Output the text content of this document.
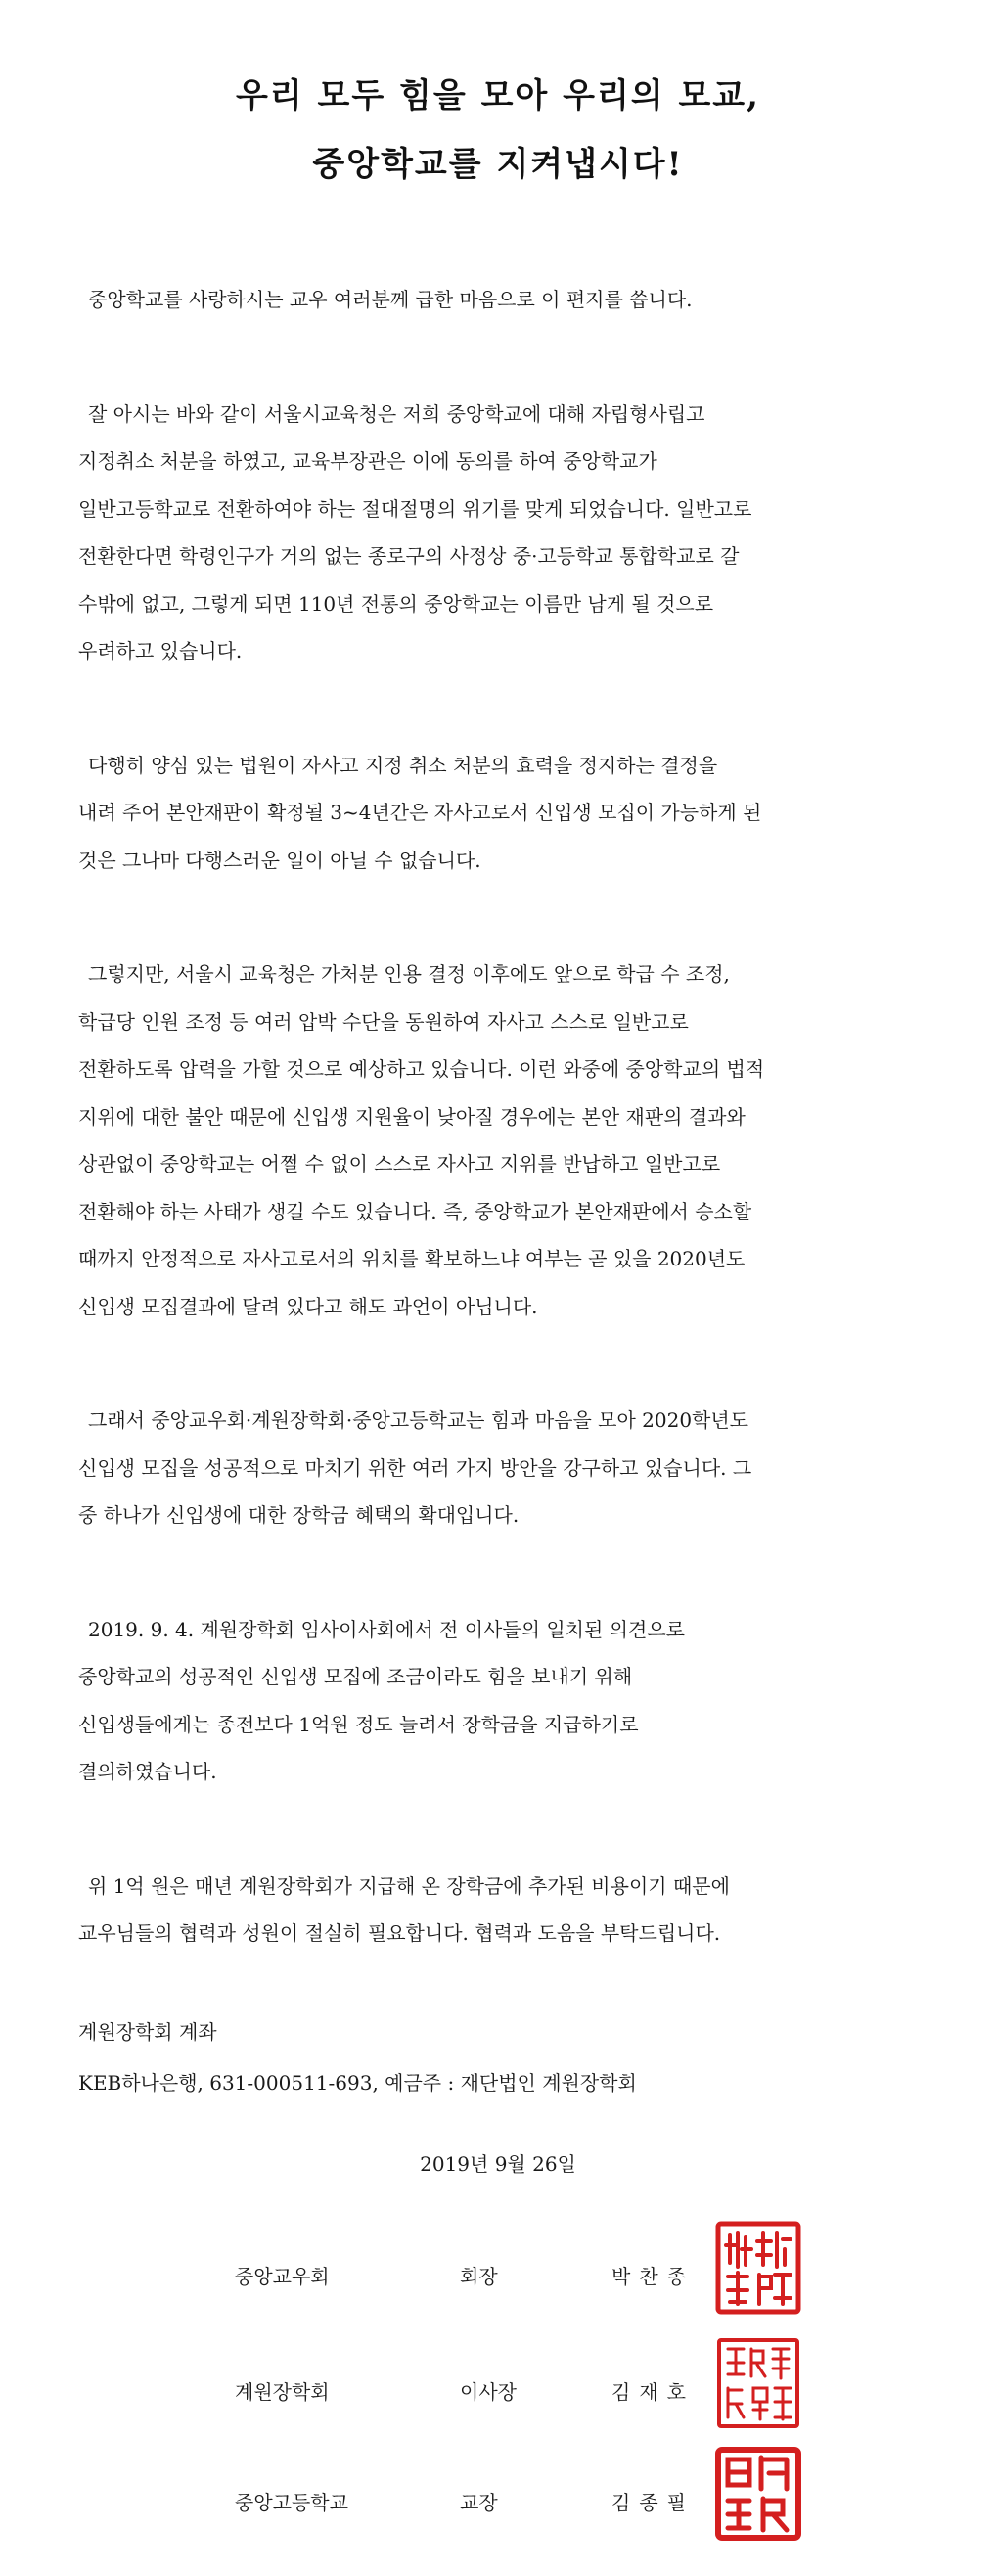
우리 모두 힘을 모아 우리의 모교,
중앙학교를 지켜냅시다!

중앙학교를 사랑하시는 교우 여러분께 급한 마음으로 이 편지를 씁니다.

잘 아시는 바와 같이 서울시교육청은 저희 중앙학교에 대해 자립형사립고
지정취소 처분을 하였고, 교육부장관은 이에 동의를 하여 중앙학교가
일반고등학교로 전환하여야 하는 절대절명의 위기를 맞게 되었습니다. 일반고로
전환한다면 학령인구가 거의 없는 종로구의 사정상 중·고등학교 통합학교로 갈
수밖에 없고, 그렇게 되면 110년 전통의 중앙학교는 이름만 남게 될 것으로
우려하고 있습니다.

다행히 양심 있는 법원이 자사고 지정 취소 처분의 효력을 정지하는 결정을
내려 주어 본안재판이 확정될 3~4년간은 자사고로서 신입생 모집이 가능하게 된
것은 그나마 다행스러운 일이 아닐 수 없습니다.

그렇지만, 서울시 교육청은 가처분 인용 결정 이후에도 앞으로 학급 수 조정,
학급당 인원 조정 등 여러 압박 수단을 동원하여 자사고 스스로 일반고로
전환하도록 압력을 가할 것으로 예상하고 있습니다. 이런 와중에 중앙학교의 법적
지위에 대한 불안 때문에 신입생 지원율이 낮아질 경우에는 본안 재판의 결과와
상관없이 중앙학교는 어쩔 수 없이 스스로 자사고 지위를 반납하고 일반고로
전환해야 하는 사태가 생길 수도 있습니다. 즉, 중앙학교가 본안재판에서 승소할
때까지 안정적으로 자사고로서의 위치를 확보하느냐 여부는 곧 있을 2020년도
신입생 모집결과에 달려 있다고 해도 과언이 아닙니다.

그래서 중앙교우회·계원장학회·중앙고등학교는 힘과 마음을 모아 2020학년도
신입생 모집을 성공적으로 마치기 위한 여러 가지 방안을 강구하고 있습니다. 그
중 하나가 신입생에 대한 장학금 혜택의 확대입니다.

2019. 9. 4. 계원장학회 임사이사회에서 전 이사들의 일치된 의견으로
중앙학교의 성공적인 신입생 모집에 조금이라도 힘을 보내기 위해
신입생들에게는 종전보다 1억원 정도 늘려서 장학금을 지급하기로
결의하였습니다.

위 1억 원은 매년 계원장학회가 지급해 온 장학금에 추가된 비용이기 때문에
교우님들의 협력과 성원이 절실히 필요합니다. 협력과 도움을 부탁드립니다.

계원장학회 계좌
KEB하나은행, 631-000511-693, 예금주 : 재단법인 계원장학회
2019년 9월 26일
중앙교우회	회장	박찬종
계원장학회	이사장	김재호
중앙고등학교	교장	김종필
